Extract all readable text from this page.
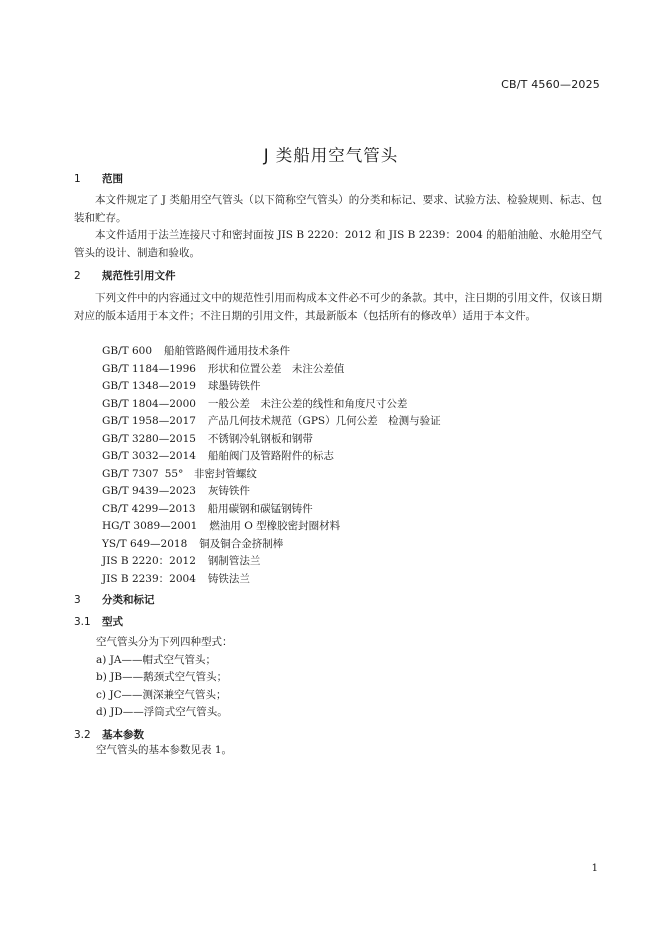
CB/T 4560—2025
J 类船用空气管头
1 范围
本文件规定了 J 类船用空气管头（以下简称空气管头）的分类和标记、要求、试验方法、检验规则、标志、包装和贮存。
本文件适用于法兰连接尺寸和密封面按 JIS B 2220：2012 和 JIS B 2239：2004 的船舶油舱、水舱用空气管头的设计、制造和验收。
2 规范性引用文件
下列文件中的内容通过文中的规范性引用而构成本文件必不可少的条款。其中，注日期的引用文件，仅该日期对应的版本适用于本文件；不注日期的引用文件，其最新版本（包括所有的修改单）适用于本文件。
GB/T 600 船舶管路阀件通用技术条件
GB/T 1184—1996 形状和位置公差　未注公差值
GB/T 1348—2019 球墨铸铁件
GB/T 1804—2000 一般公差　未注公差的线性和角度尺寸公差
GB/T 1958—2017 产品几何技术规范（GPS）几何公差　检测与验证
GB/T 3280—2015 不锈钢冷轧钢板和钢带
GB/T 3032—2014 船舶阀门及管路附件的标志
GB/T 7307 55°　非密封管螺纹
GB/T 9439—2023 灰铸铁件
CB/T 4299—2013 船用碳钢和碳锰钢铸件
HG/T 3089—2001 燃油用 O 型橡胶密封圈材料
YS/T 649—2018 铜及铜合金挤制棒
JIS B 2220：2012 钢制管法兰
JIS B 2239：2004 铸铁法兰
3 分类和标记
3.1 型式
空气管头分为下列四种型式：
a) JA——帽式空气管头；
b) JB——鹅颈式空气管头；
c) JC——测深兼空气管头；
d) JD——浮筒式空气管头。
3.2 基本参数
空气管头的基本参数见表 1。
1
